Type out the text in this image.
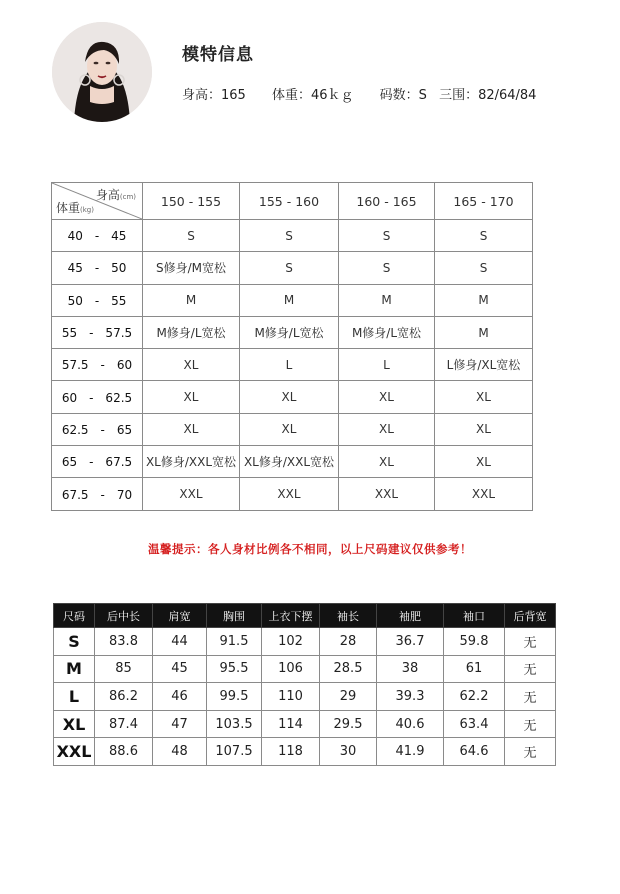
模特信息
身高：165 体重：46ｋｇ 码数：S 三围：82/64/84
身高(cm)
体重(kg)	150 - 155	155 - 160	160 - 165	165 - 170
40　-　45	S	S	S	S
45　-　50	S修身/M宽松	S	S	S
50　-　55	M	M	M	M
55　-　57.5	M修身/L宽松	M修身/L宽松	M修身/L宽松	M
57.5　-　60	XL	L	L	L修身/XL宽松
60　-　62.5	XL	XL	XL	XL
62.5　-　65	XL	XL	XL	XL
65　-　67.5	XL修身/XXL宽松	XL修身/XXL宽松	XL	XL
67.5　-　70	XXL	XXL	XXL	XXL
温馨提示：各人身材比例各不相同，以上尺码建议仅供参考！
尺码	后中长	肩宽	胸围	上衣下摆	袖长	袖肥	袖口	后背宽
S	83.8	44	91.5	102	28	36.7	59.8	无
M	85	45	95.5	106	28.5	38	61	无
L	86.2	46	99.5	110	29	39.3	62.2	无
XL	87.4	47	103.5	114	29.5	40.6	63.4	无
XXL	88.6	48	107.5	118	30	41.9	64.6	无
